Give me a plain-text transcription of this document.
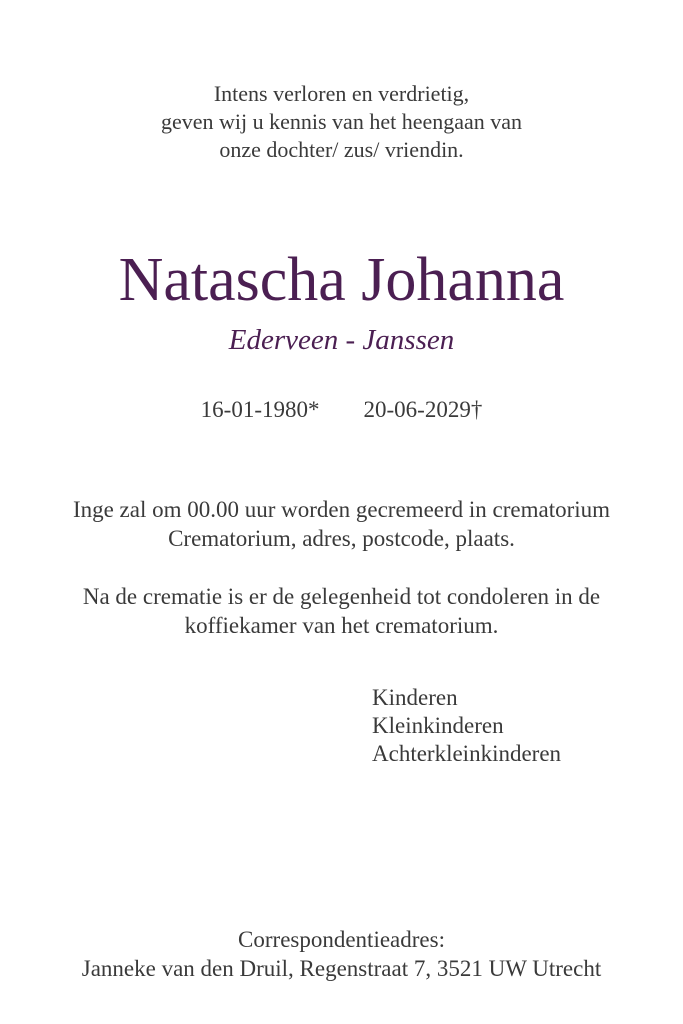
Intens verloren en verdrietig,
geven wij u kennis van het heengaan van
onze dochter/ zus/ vriendin.
Natascha Johanna
Ederveen - Janssen
16-01-1980* 20-06-2029†
Inge zal om 00.00 uur worden gecremeerd in crematorium
Crematorium, adres, postcode, plaats.
Na de crematie is er de gelegenheid tot condoleren in de
koffiekamer van het crematorium.
Kinderen
Kleinkinderen
Achterkleinkinderen
Correspondentieadres:
Janneke van den Druil, Regenstraat 7, 3521 UW Utrecht
